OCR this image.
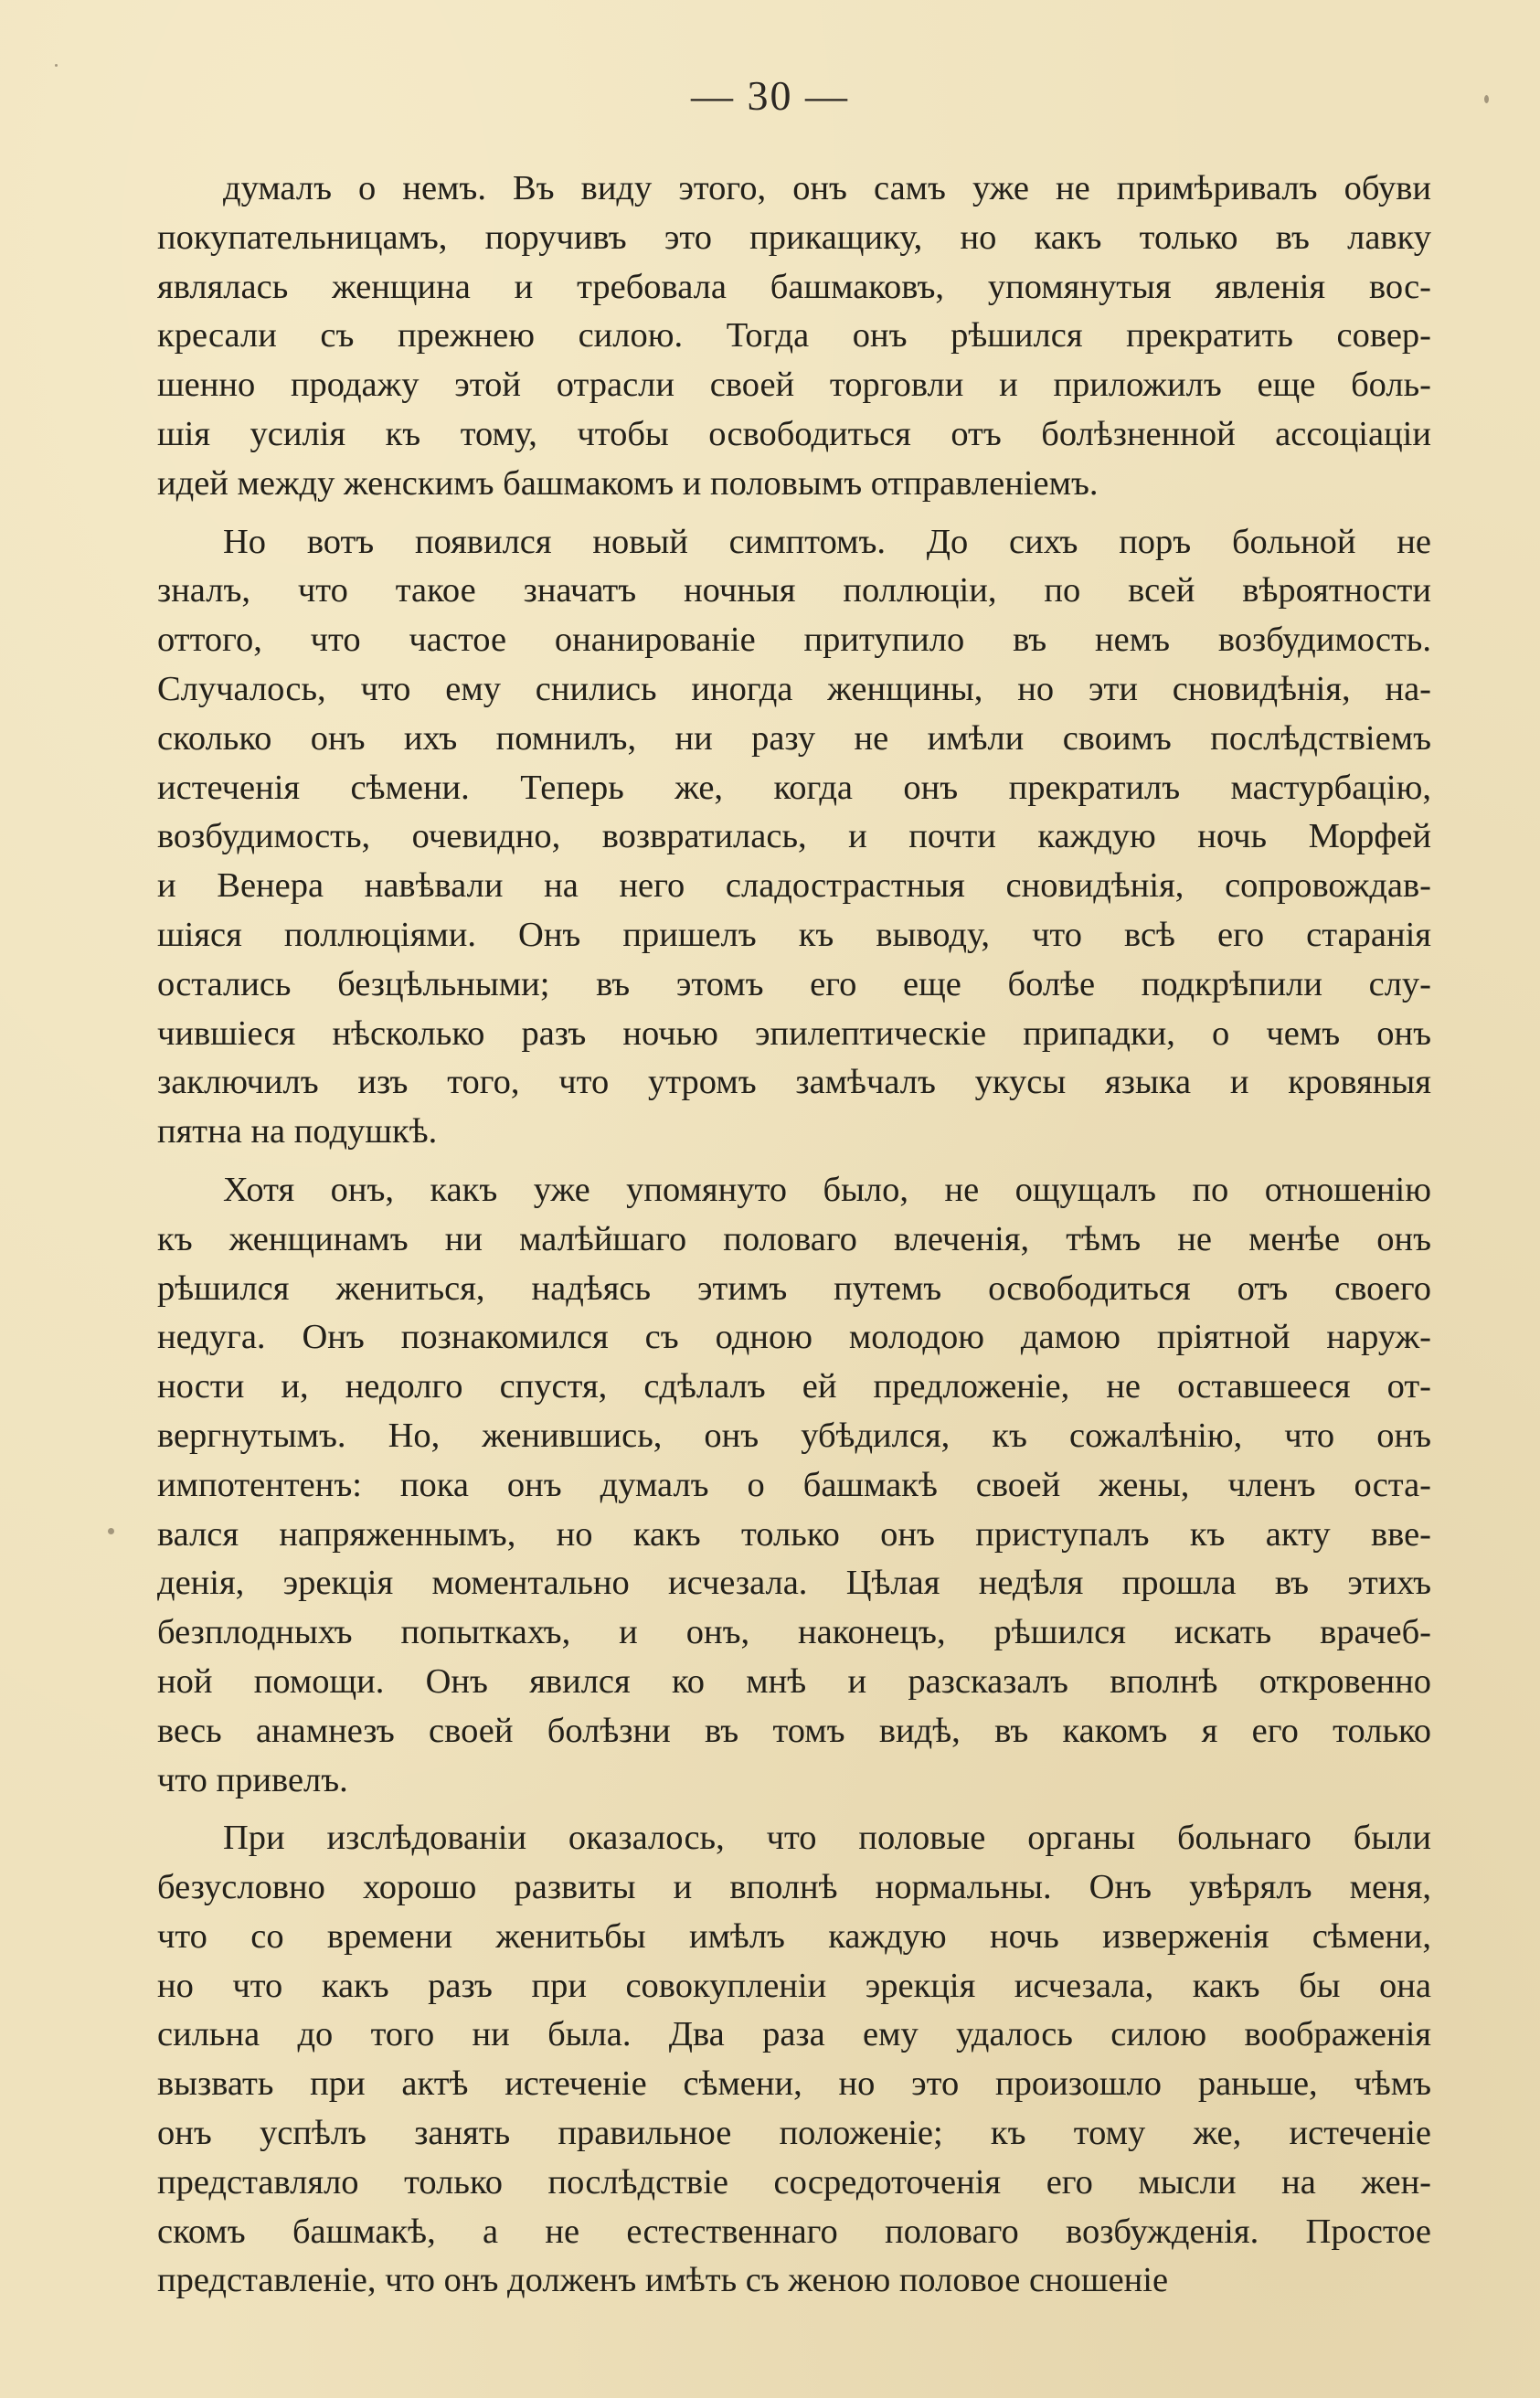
— 30 —

думалъ о немъ. Въ виду этого, онъ самъ уже не примѣривалъ обуви
покупательницамъ, поручивъ это прикащику, но какъ только въ лавку
являлась женщина и требовала башмаковъ, упомянутыя явленія вос-
кресали съ прежнею силою. Тогда онъ рѣшился прекратить совер-
шенно продажу этой отрасли своей торговли и приложилъ еще боль-
шія усилія къ тому, чтобы освободиться отъ болѣзненной ассоціаціи
идей между женскимъ башмакомъ и половымъ отправленіемъ.
Но вотъ появился новый симптомъ. До сихъ поръ больной не
зналъ, что такое значатъ ночныя поллюціи, по всей вѣроятности
оттого, что частое онанированіе притупило въ немъ возбудимость.
Случалось, что ему снились иногда женщины, но эти сновидѣнія, на-
сколько онъ ихъ помнилъ, ни разу не имѣли своимъ послѣдствіемъ
истеченія сѣмени. Теперь же, когда онъ прекратилъ мастурбацію,
возбудимость, очевидно, возвратилась, и почти каждую ночь Морфей
и Венера навѣвали на него сладострастныя сновидѣнія, сопровождав-
шіяся поллюціями. Онъ пришелъ къ выводу, что всѣ его старанія
остались безцѣльными; въ этомъ его еще болѣе подкрѣпили слу-
чившіеся нѣсколько разъ ночью эпилептическіе припадки, о чемъ онъ
заключилъ изъ того, что утромъ замѣчалъ укусы языка и кровяныя
пятна на подушкѣ.
Хотя онъ, какъ уже упомянуто было, не ощущалъ по отношенію
къ женщинамъ ни малѣйшаго половаго влеченія, тѣмъ не менѣе онъ
рѣшился жениться, надѣясь этимъ путемъ освободиться отъ своего
недуга. Онъ познакомился съ одною молодою дамою пріятной наруж-
ности и, недолго спустя, сдѣлалъ ей предложеніе, не оставшееся от-
вергнутымъ. Но, женившись, онъ убѣдился, къ сожалѣнію, что онъ
импотентенъ: пока онъ думалъ о башмакѣ своей жены, членъ оста-
вался напряженнымъ, но какъ только онъ приступалъ къ акту вве-
денія, эрекція моментально исчезала. Цѣлая недѣля прошла въ этихъ
безплодныхъ попыткахъ, и онъ, наконецъ, рѣшился искать врачеб-
ной помощи. Онъ явился ко мнѣ и разсказалъ вполнѣ откровенно
весь анамнезъ своей болѣзни въ томъ видѣ, въ какомъ я его только
что привелъ.
При изслѣдованіи оказалось, что половые органы больнаго были
безусловно хорошо развиты и вполнѣ нормальны. Онъ увѣрялъ меня,
что со времени женитьбы имѣлъ каждую ночь изверженія сѣмени,
но что какъ разъ при совокупленіи эрекція исчезала, какъ бы она
сильна до того ни была. Два раза ему удалось силою воображенія
вызвать при актѣ истеченіе сѣмени, но это произошло раньше, чѣмъ
онъ успѣлъ занять правильное положеніе; къ тому же, истеченіе
представляло только послѣдствіе сосредоточенія его мысли на жен-
скомъ башмакѣ, а не естественнаго половаго возбужденія. Простое
представленіе, что онъ долженъ имѣть съ женою половое сношеніе
